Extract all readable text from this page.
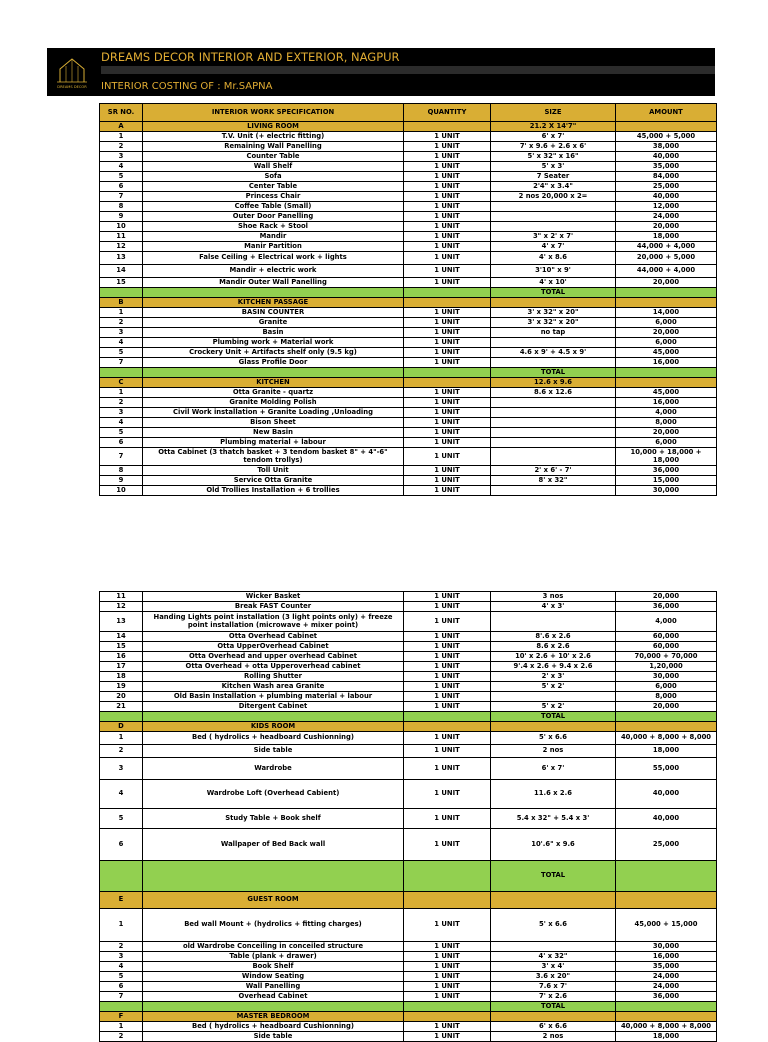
DREAMS DECOR
DREAMS DECOR INTERIOR AND EXTERIOR, NAGPUR
INTERIOR COSTING OF : Mr.SAPNA
SR NO.	INTERIOR WORK SPECIFICATION	QUANTITY	SIZE	AMOUNT
A	LIVING ROOM		21.2 X 14'7"	
1	T.V. Unit (+ electric fitting)	1 UNIT	6' x 7'	45,000 + 5,000
2	Remaining Wall Panelling	1 UNIT	7' x 9.6 + 2.6 x 6'	38,000
3	Counter Table	1 UNIT	5' x 32" x 16"	40,000
4	Wall Shelf	1 UNIT	5' x 3'	35,000
5	Sofa	1 UNIT	7 Seater	84,000
6	Center Table	1 UNIT	2'4" x 3.4"	25,000
7	Princess Chair	1 UNIT	2 nos 20,000 x 2=	40,000
8	Coffee Table (Small)	1 UNIT		12,000
9	Outer Door Panelling	1 UNIT		24,000
10	Shoe Rack + Stool	1 UNIT		20,000
11	Mandir	1 UNIT	3" x 2' x 7'	18,000
12	Manir Partition	1 UNIT	4' x 7'	44,000 + 4,000
13	False Ceiling + Electrical work + lights	1 UNIT	4' x 8.6	20,000 + 5,000
14	Mandir + electric work	1 UNIT	3'10" x 9'	44,000 + 4,000
15	Mandir Outer Wall Panelling	1 UNIT	4' x 10'	20,000
			TOTAL	
B	KITCHEN PASSAGE			
1	BASIN COUNTER	1 UNIT	3' x 32" x 20"	14,000
2	Granite	1 UNIT	3' x 32" x 20"	6,000
3	Basin	1 UNIT	no tap	20,000
4	Plumbing work + Material work	1 UNIT		6,000
5	Crockery Unit + Artifacts shelf only (9.5 kg)	1 UNIT	4.6 x 9' + 4.5 x 9'	45,000
7	Glass Profile Door	1 UNIT		16,000
			TOTAL	
C	KITCHEN		12.6 x 9.6	
1	Otta Granite - quartz	1 UNIT	8.6 x 12.6	45,000
2	Granite Molding Polish	1 UNIT		16,000
3	Civil Work installation + Granite Loading ,Unloading	1 UNIT		4,000
4	Bison Sheet	1 UNIT		8,000
5	New Basin	1 UNIT		20,000
6	Plumbing material + labour	1 UNIT		6,000
7	Otta Cabinet (3 thatch basket + 3 tendom basket 8" + 4"-6" tendom trollys)	1 UNIT		10,000 + 18,000 + 18,000
8	Toll Unit	1 UNIT	2' x 6' - 7'	36,000
9	Service Otta Granite	1 UNIT	8' x 32"	15,000
10	Old Trollies Installation + 6 trollies	1 UNIT		30,000
11	Wicker Basket	1 UNIT	3 nos	20,000
12	Break FAST Counter	1 UNIT	4' x 3'	36,000
13	Handing Lights point installation (3 light points only) + freeze point installation (microwave + mixer point)	1 UNIT		4,000
14	Otta Overhead Cabinet	1 UNIT	8'.6 x 2.6	60,000
15	Otta UpperOverhead Cabinet	1 UNIT	8.6 x 2.6	60,000
16	Otta Overhead and upper overhead Cabinet	1 UNIT	10' x 2.6 + 10' x 2.6	70,000 + 70,000
17	Otta Overhead + otta Upperoverhead cabinet	1 UNIT	9'.4 x 2.6 + 9.4 x 2.6	1,20,000
18	Rolling Shutter	1 UNIT	2' x 3'	30,000
19	Kitchen Wash area Granite	1 UNIT	5' x 2'	6,000
20	Old Basin Installation + plumbing material + labour	1 UNIT		8,000
21	Ditergent Cabinet	1 UNIT	5' x 2'	20,000
			TOTAL	
D	KIDS ROOM			
1	Bed ( hydrolics + headboard Cushionning)	1 UNIT	5' x 6.6	40,000 + 8,000 + 8,000
2	Side table	1 UNIT	2 nos	18,000
3	Wardrobe	1 UNIT	6' x 7'	55,000
4	Wardrobe Loft (Overhead Cabient)	1 UNIT	11.6 x 2.6	40,000
5	Study Table + Book shelf	1 UNIT	5.4 x 32" + 5.4 x 3'	40,000
6	Wallpaper of Bed Back wall	1 UNIT	10'.6" x 9.6	25,000
			TOTAL	
E	GUEST ROOM			
1	Bed wall Mount + (hydrolics + fitting charges)	1 UNIT	5' x 6.6	45,000 + 15,000
2	old Wardrobe Conceiling in conceiled structure	1 UNIT		30,000
3	Table (plank + drawer)	1 UNIT	4' x 32"	16,000
4	Book Shelf	1 UNIT	3' x 4'	35,000
5	Window Seating	1 UNIT	3.6 x 20"	24,000
6	Wall Panelling	1 UNIT	7.6 x 7'	24,000
7	Overhead Cabinet	1 UNIT	7' x 2.6	36,000
			TOTAL	
F	MASTER BEDROOM			
1	Bed ( hydrolics + headboard Cushionning)	1 UNIT	6' x 6.6	40,000 + 8,000 + 8,000
2	Side table	1 UNIT	2 nos	18,000
